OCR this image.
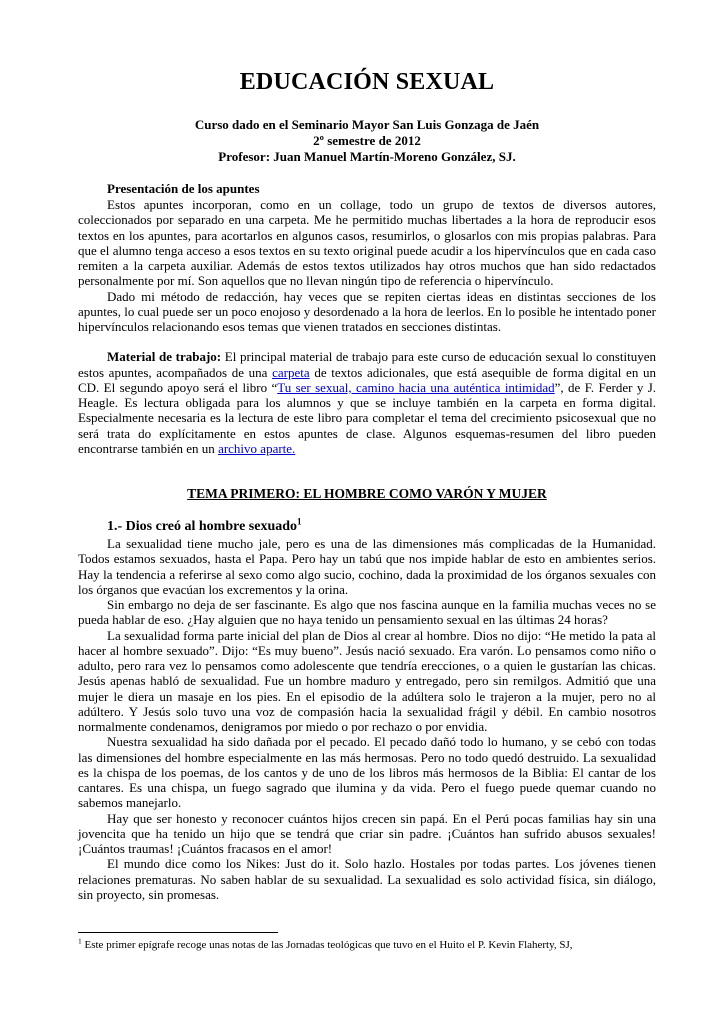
EDUCACIÓN SEXUAL
Curso dado en el Seminario Mayor San Luis Gonzaga de Jaén
2º semestre de 2012
Profesor: Juan Manuel Martín-Moreno González, SJ.
Presentación de los apuntes

Estos apuntes incorporan, como en un collage, todo un grupo de textos de diversos autores, coleccionados por separado en una carpeta. Me he permitido muchas libertades a la hora de reproducir esos textos en los apuntes, para acortarlos en algunos casos, resumirlos, o glosarlos con mis propias palabras. Para que el alumno tenga acceso a esos textos en su texto original puede acudir a los hipervínculos que en cada caso remiten a la carpeta auxiliar. Además de estos textos utilizados hay otros muchos que han sido redactados personalmente por mí. Son aquellos que no llevan ningún tipo de referencia o hipervínculo.

Dado mi método de redacción, hay veces que se repiten ciertas ideas en distintas secciones de los apuntes, lo cual puede ser un poco enojoso y desordenado a la hora de leerlos. En lo posible he intentado poner hipervínculos relacionando esos temas que vienen tratados en secciones distintas.

Material de trabajo: El principal material de trabajo para este curso de educación sexual lo constituyen estos apuntes, acompañados de una carpeta de textos adicionales, que está asequible de forma digital en un CD. El segundo apoyo será el libro “Tu ser sexual, camino hacia una auténtica intimidad”, de F. Ferder y J. Heagle. Es lectura obligada para los alumnos y que se incluye también en la carpeta en forma digital. Especialmente necesaria es la lectura de este libro para completar el tema del crecimiento psicosexual que no será trata do explícitamente en estos apuntes de clase. Algunos esquemas-resumen del libro pueden encontrarse también en un archivo aparte.

TEMA PRIMERO: EL HOMBRE COMO VARÓN Y MUJER
1.- Dios creó al hombre sexuado$^1$

La sexualidad tiene mucho jale, pero es una de las dimensiones más complicadas de la Humanidad. Todos estamos sexuados, hasta el Papa. Pero hay un tabú que nos impide hablar de esto en ambientes serios. Hay la tendencia a referirse al sexo como algo sucio, cochino, dada la proximidad de los órganos sexuales con los órganos que evacúan los excrementos y la orina.

Sin embargo no deja de ser fascinante. Es algo que nos fascina aunque en la familia muchas veces no se pueda hablar de eso. ¿Hay alguien que no haya tenido un pensamiento sexual en las últimas 24 horas?

La sexualidad forma parte inicial del plan de Dios al crear al hombre. Dios no dijo: “He metido la pata al hacer al hombre sexuado”. Dijo: “Es muy bueno”. Jesús nació sexuado. Era varón. Lo pensamos como niño o adulto, pero rara vez lo pensamos como adolescente que tendría erecciones, o a quien le gustarían las chicas. Jesús apenas habló de sexualidad. Fue un hombre maduro y entregado, pero sin remilgos. Admitió que una mujer le diera un masaje en los pies. En el episodio de la adúltera solo le trajeron a la mujer, pero no al adúltero. Y Jesús solo tuvo una voz de compasión hacia la sexualidad frágil y débil. En cambio nosotros normalmente condenamos, denigramos por miedo o por rechazo o por envidia.

Nuestra sexualidad ha sido dañada por el pecado. El pecado dañó todo lo humano, y se cebó con todas las dimensiones del hombre especialmente en las más hermosas. Pero no todo quedó destruido. La sexualidad es la chispa de los poemas, de los cantos y de uno de los libros más hermosos de la Biblia: El cantar de los cantares. Es una chispa, un fuego sagrado que ilumina y da vida. Pero el fuego puede quemar cuando no sabemos manejarlo.

Hay que ser honesto y reconocer cuántos hijos crecen sin papá. En el Perú pocas familias hay sin una jovencita que ha tenido un hijo que se tendrá que criar sin padre. ¡Cuántos han sufrido abusos sexuales! ¡Cuántos traumas! ¡Cuántos fracasos en el amor!

El mundo dice como los Nikes: Just do it. Solo hazlo. Hostales por todas partes. Los jóvenes tienen relaciones prematuras. No saben hablar de su sexualidad. La sexualidad es solo actividad física, sin diálogo, sin proyecto, sin promesas.

$^1$ Este primer epígrafe recoge unas notas de las Jornadas teológicas que tuvo en el Huito el P. Kevin Flaherty, SJ,
